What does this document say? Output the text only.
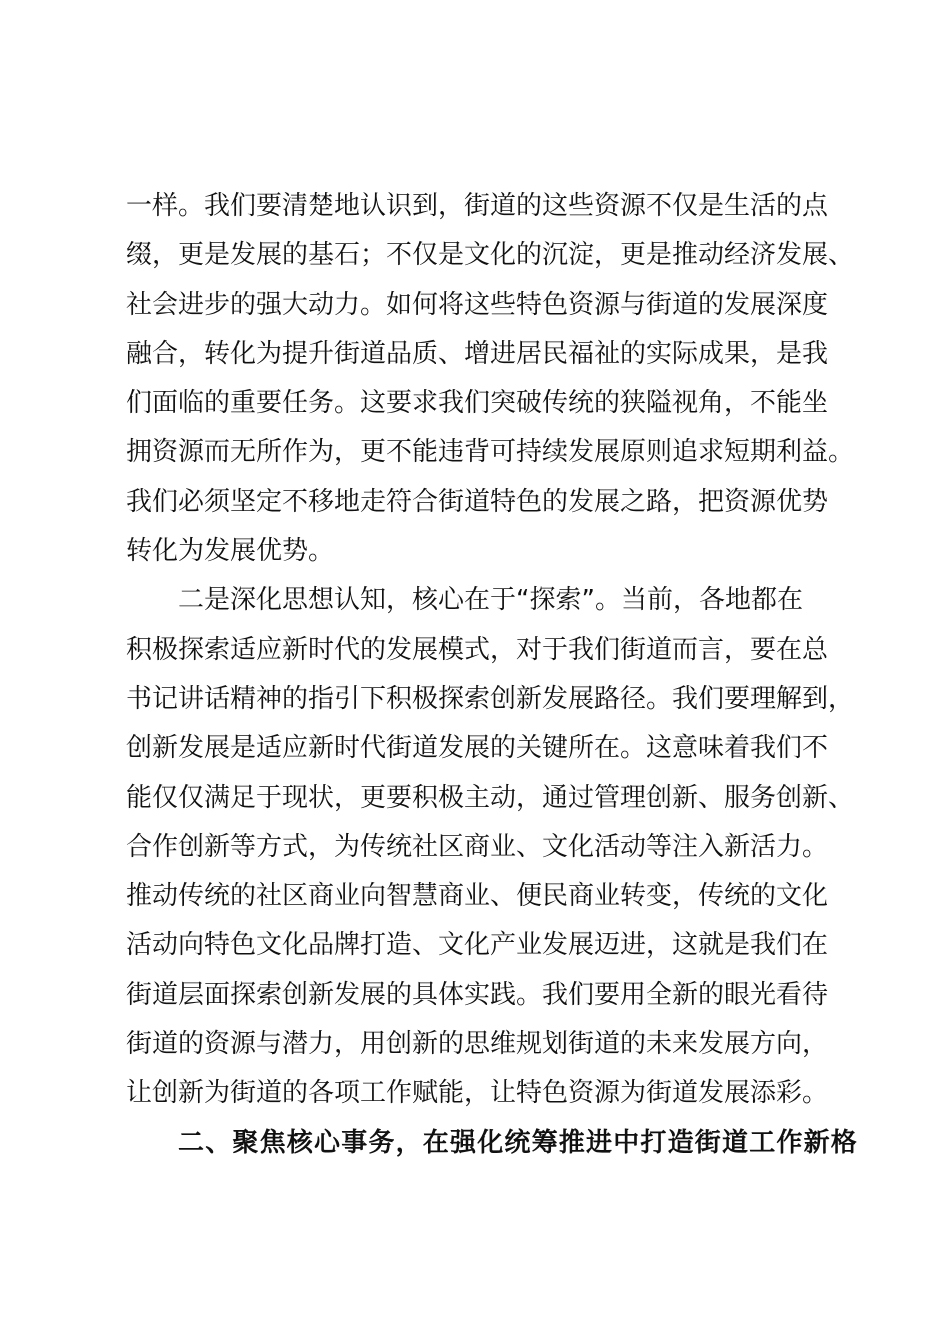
一样。我们要清楚地认识到，街道的这些资源不仅是生活的点
缀，更是发展的基石；不仅是文化的沉淀，更是推动经济发展、
社会进步的强大动力。如何将这些特色资源与街道的发展深度
融合，转化为提升街道品质、增进居民福祉的实际成果，是我
们面临的重要任务。这要求我们突破传统的狭隘视角，不能坐
拥资源而无所作为，更不能违背可持续发展原则追求短期利益。
我们必须坚定不移地走符合街道特色的发展之路，把资源优势
转化为发展优势。
二是深化思想认知，核心在于“探索”。当前，各地都在
积极探索适应新时代的发展模式，对于我们街道而言，要在总
书记讲话精神的指引下积极探索创新发展路径。我们要理解到，
创新发展是适应新时代街道发展的关键所在。这意味着我们不
能仅仅满足于现状，更要积极主动，通过管理创新、服务创新、
合作创新等方式，为传统社区商业、文化活动等注入新活力。
推动传统的社区商业向智慧商业、便民商业转变，传统的文化
活动向特色文化品牌打造、文化产业发展迈进，这就是我们在
街道层面探索创新发展的具体实践。我们要用全新的眼光看待
街道的资源与潜力，用创新的思维规划街道的未来发展方向，
让创新为街道的各项工作赋能，让特色资源为街道发展添彩。
二、聚焦核心事务，在强化统筹推进中打造街道工作新格
